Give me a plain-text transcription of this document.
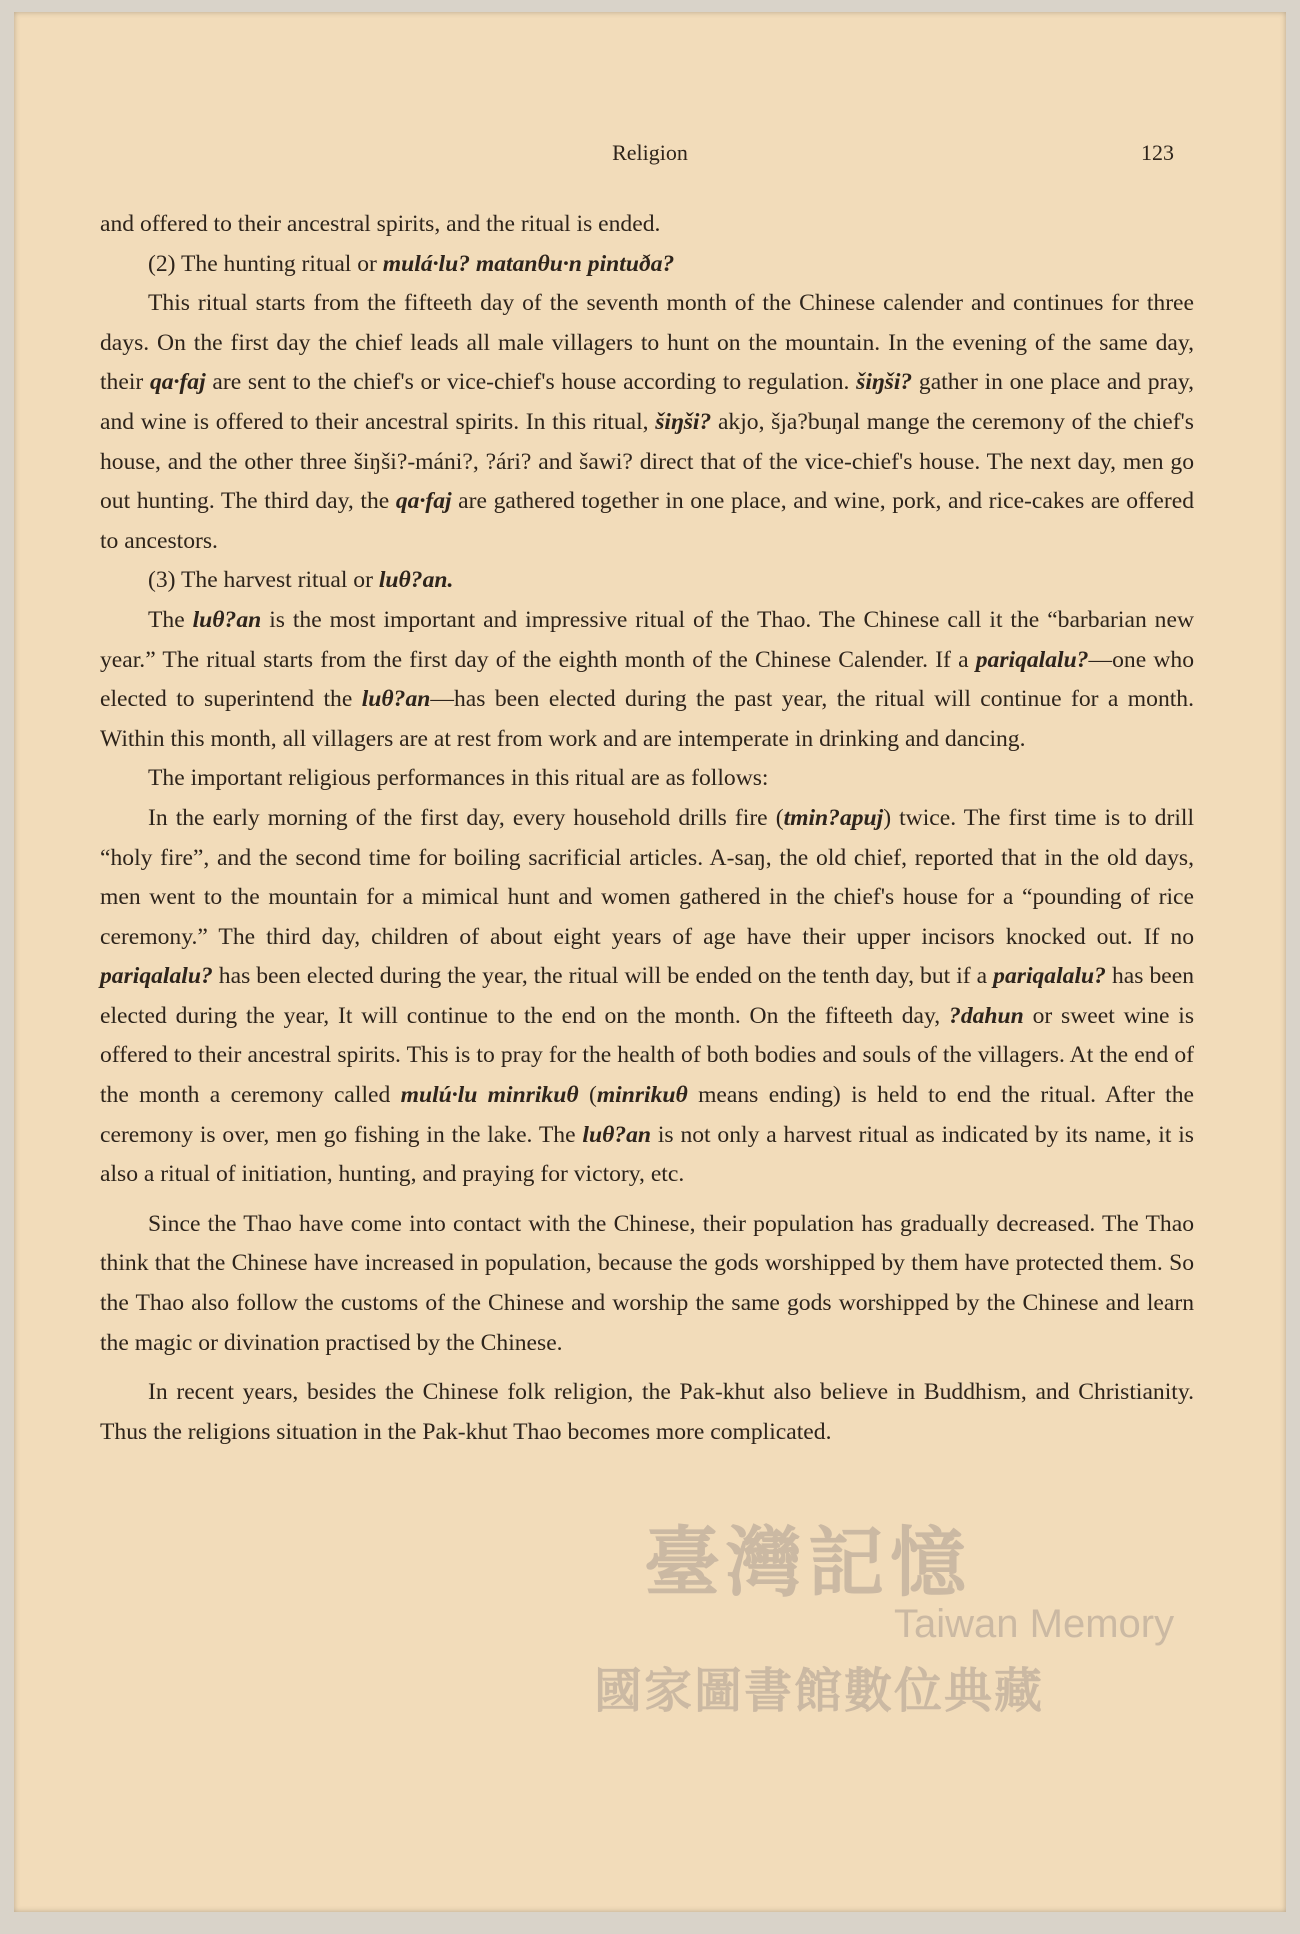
Religion	123

and offered to their ancestral spirits, and the ritual is ended.

(2) The hunting ritual or mulá·lu? matanθu·n pintuða?

This ritual starts from the fifteeth day of the seventh month of the Chinese calender and continues for three days. On the first day the chief leads all male villagers to hunt on the mountain. In the evening of the same day, their qa·faj are sent to the chief's or vice-chief's house according to regulation. šiŋši? gather in one place and pray, and wine is offered to their ancestral spirits. In this ritual, šiŋši? akjo, šja?buŋal mange the ceremony of the chief's house, and the other three šiŋši?-máni?, ?ári? and šawi? direct that of the vice-chief's house. The next day, men go out hunting. The third day, the qa·faj are gathered together in one place, and wine, pork, and rice-cakes are offered to ancestors.

(3) The harvest ritual or luθ?an.

The luθ?an is the most important and impressive ritual of the Thao. The Chinese call it the “barbarian new year.” The ritual starts from the first day of the eighth month of the Chinese Calender. If a pariqalalu?—one who elected to superintend the luθ?an—has been elected during the past year, the ritual will continue for a month. Within this month, all villagers are at rest from work and are intemperate in drinking and dancing.

The important religious performances in this ritual are as follows:

In the early morning of the first day, every household drills fire (tmin?apuj) twice. The first time is to drill “holy fire”, and the second time for boiling sacrificial articles. A-saŋ, the old chief, reported that in the old days, men went to the mountain for a mimical hunt and women gathered in the chief's house for a “pounding of rice ceremony.” The third day, children of about eight years of age have their upper incisors knocked out. If no pariqalalu? has been elected during the year, the ritual will be ended on the tenth day, but if a pariqalalu? has been elected during the year, It will continue to the end on the month. On the fifteeth day, ?dahun or sweet wine is offered to their ancestral spirits. This is to pray for the health of both bodies and souls of the villagers. At the end of the month a ceremony called mulú·lu minrikuθ (minrikuθ means ending) is held to end the ritual. After the ceremony is over, men go fishing in the lake. The luθ?an is not only a harvest ritual as indicated by its name, it is also a ritual of initiation, hunting, and praying for victory, etc.

Since the Thao have come into contact with the Chinese, their population has gradually decreased. The Thao think that the Chinese have increased in population, because the gods worshipped by them have protected them. So the Thao also follow the customs of the Chinese and worship the same gods worshipped by the Chinese and learn the magic or divination practised by the Chinese.

In recent years, besides the Chinese folk religion, the Pak-khut also believe in Buddhism, and Christianity. Thus the religions situation in the Pak-khut Thao becomes more complicated.

臺灣記憶
Taiwan Memory
國家圖書館數位典藏
